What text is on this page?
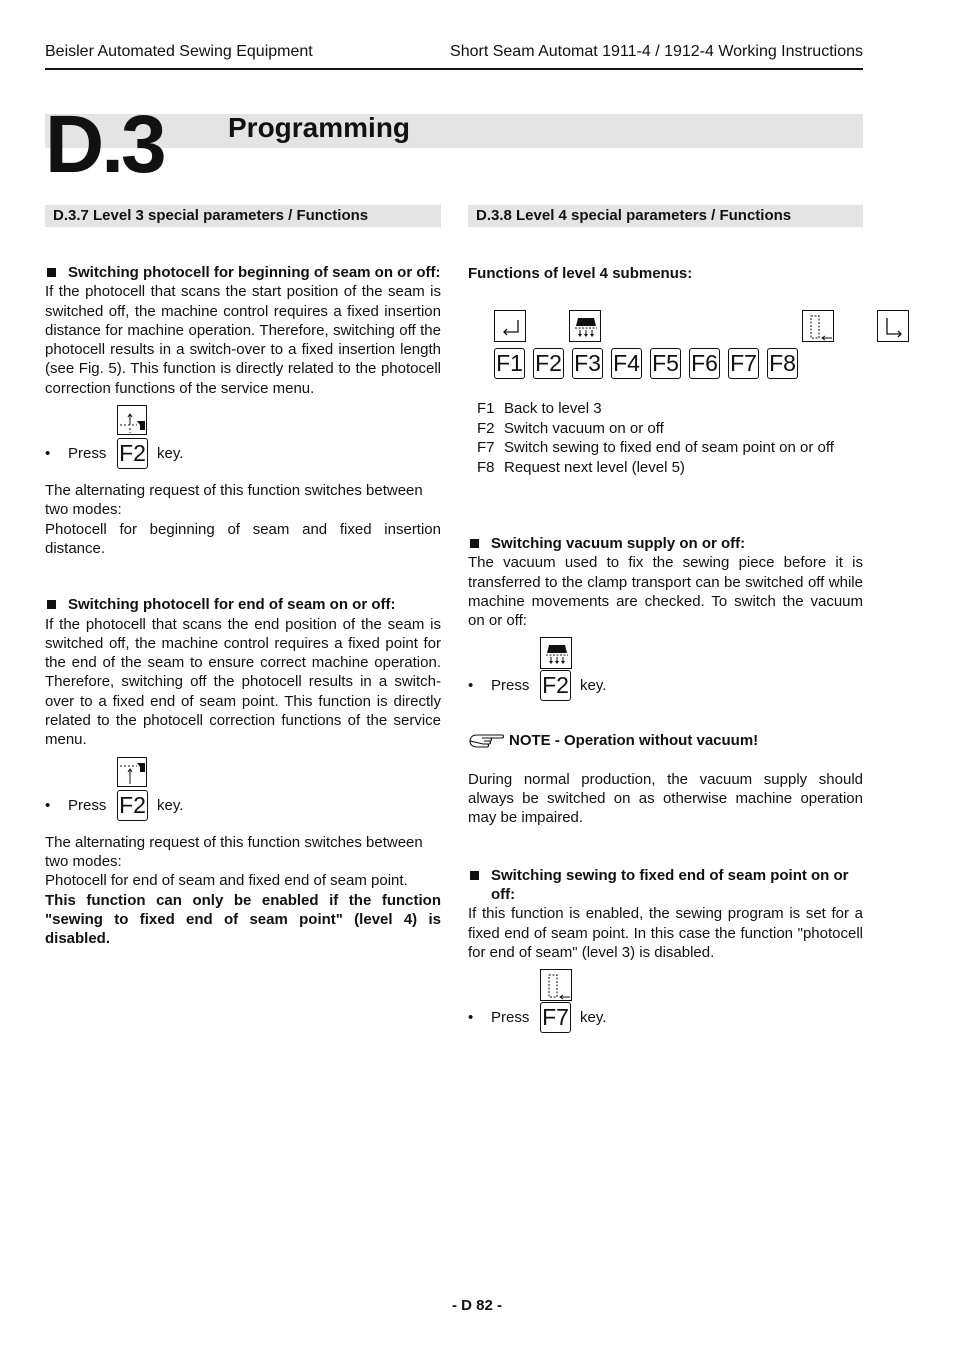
Beisler Automated Sewing Equipment	Short Seam Automat 1911-4 / 1912-4 Working Instructions
D.3 Programming
D.3.7 Level 3 special parameters / Functions	D.3.8 Level 4 special parameters / Functions

Switching photocell for beginning of seam on or off:

If the photocell that scans the start position of the seam is switched off, the machine control requires a fixed insertion distance for machine operation. Therefore, switching off the photocell results in a switch-over to a fixed insertion length (see Fig. 5). This function is directly related to the photocell correction functions of the service menu.

• Press F2 key.

The alternating request of this function switches between two modes:

Photocell for beginning of seam and fixed insertion distance.

Switching photocell for end of seam on or off:

If the photocell that scans the end position of the seam is switched off, the machine control requires a fixed point for the end of the seam to ensure correct machine operation. Therefore, switching off the photocell results in a switch-over to a fixed end of seam point. This function is directly related to the photocell correction functions of the service menu.

• Press F2 key.

The alternating request of this function switches between two modes:

Photocell for end of seam and fixed end of seam point.

This function can only be enabled if the function "sewing to fixed end of seam point" (level 4) is disabled.

Functions of level 4 submenus:

F1 F2 F3 F4 F5 F6 F7 F8
F1 Back to level 3
F2 Switch vacuum on or off
F7 Switch sewing to fixed end of seam point on or off
F8 Request next level (level 5)

Switching vacuum supply on or off:

The vacuum used to fix the sewing piece before it is transferred to the clamp transport can be switched off while machine movements are checked. To switch the vacuum on or off:

• Press F2 key.
NOTE - Operation without vacuum!

During normal production, the vacuum supply should always be switched on as otherwise machine operation may be impaired.

Switching sewing to fixed end of seam point on or off:

If this function is enabled, the sewing program is set for a fixed end of seam point. In this case the function "photocell for end of seam" (level 3) is disabled.

• Press F7 key.
- D 82 -
